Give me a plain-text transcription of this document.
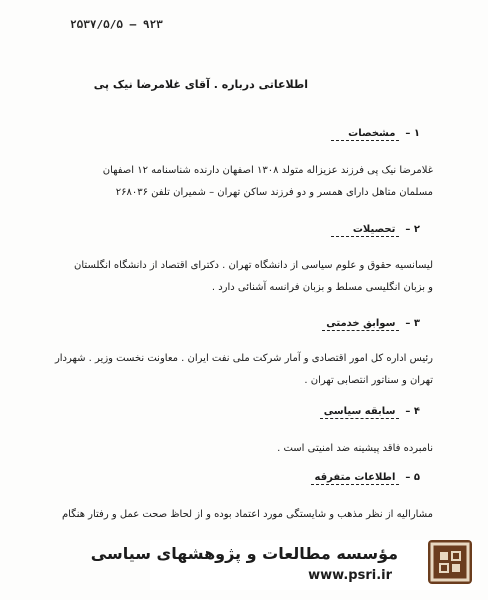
۲۵۳۷/۵/۵ – ۹۲۳
اطلاعاتی درباره . آقای غلامرضا نیک پی
۱ –مشخصات
غلامرضا نیک پی فرزند عزیزاله متولد ۱۳۰۸ اصفهان دارنده شناسنامه ۱۲ اصفهان
مسلمان متاهل دارای همسر و دو فرزند ساکن تهران – شمیران تلفن ۲۶۸۰۳۶
۲ –تحصیلات
لیسانسیه حقوق و علوم سیاسی از دانشگاه تهران . دکترای اقتصاد از دانشگاه انگلستان
و بزبان انگلیسی مسلط و بزبان فرانسه آشنائی دارد .
۳ –سوابق خدمتی
رئیس اداره کل امور اقتصادی و آمار شرکت ملی نفت ایران . معاونت نخست وزیر . شهردار
تهران و سناتور انتصابی تهران .
۴ –سابقه سیاسی
نامبرده فاقد پیشینه ضد امنیتی است .
۵ –اطلاعات متفرقه
مشارالیه از نظر مذهب و شایستگی مورد اعتماد بوده و از لحاظ صحت عمل و رفتار هنگام
مؤسسه مطالعات و پژوهشهای سیاسی
www.psri.ir
